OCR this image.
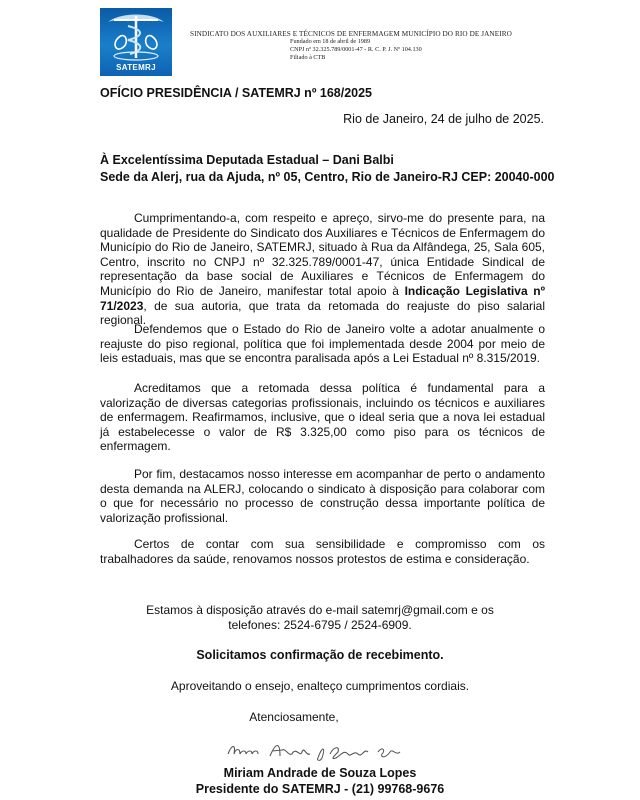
SATEMRJ
SINDICATO DOS AUXILIARES E TÉCNICOS DE ENFERMAGEM MUNICÍPIO DO RIO DE JANEIRO
Fundado em 18 de abril de 1989
CNPJ nº 32.325.789/0001-47 - R. C. P. J. Nº 104.130
Filiado à CTB
OFÍCIO PRESIDÊNCIA / SATEMRJ nº 168/2025
Rio de Janeiro, 24 de julho de 2025.
À Excelentíssima Deputada Estadual – Dani Balbi
Sede da Alerj, rua da Ajuda, nº 05, Centro, Rio de Janeiro-RJ CEP: 20040-000
Cumprimentando-a, com respeito e apreço, sirvo-me do presente para, na qualidade de Presidente do Sindicato dos Auxiliares e Técnicos de Enfermagem do Município do Rio de Janeiro, SATEMRJ, situado à Rua da Alfândega, 25, Sala 605, Centro, inscrito no CNPJ nº 32.325.789/0001-47, única Entidade Sindical de representação da base social de Auxiliares e Técnicos de Enfermagem do Município do Rio de Janeiro, manifestar total apoio à Indicação Legislativa nº 71/2023, de sua autoria, que trata da retomada do reajuste do piso salarial regional.
Defendemos que o Estado do Rio de Janeiro volte a adotar anualmente o reajuste do piso regional, política que foi implementada desde 2004 por meio de leis estaduais, mas que se encontra paralisada após a Lei Estadual nº 8.315/2019.
Acreditamos que a retomada dessa política é fundamental para a valorização de diversas categorias profissionais, incluindo os técnicos e auxiliares de enfermagem. Reafirmamos, inclusive, que o ideal seria que a nova lei estadual já estabelecesse o valor de R$ 3.325,00 como piso para os técnicos de enfermagem.
Por fim, destacamos nosso interesse em acompanhar de perto o andamento desta demanda na ALERJ, colocando o sindicato à disposição para colaborar com o que for necessário no processo de construção dessa importante política de valorização profissional.
Certos de contar com sua sensibilidade e compromisso com os trabalhadores da saúde, renovamos nossos protestos de estima e consideração.
Estamos à disposição através do e-mail satemrj@gmail.com e os
telefones: 2524-6795 / 2524-6909.
Solicitamos confirmação de recebimento.
Aproveitando o ensejo, enalteço cumprimentos cordiais.
Atenciosamente,
Miriam Andrade de Souza Lopes
Presidente do SATEMRJ - (21) 99768-9676
